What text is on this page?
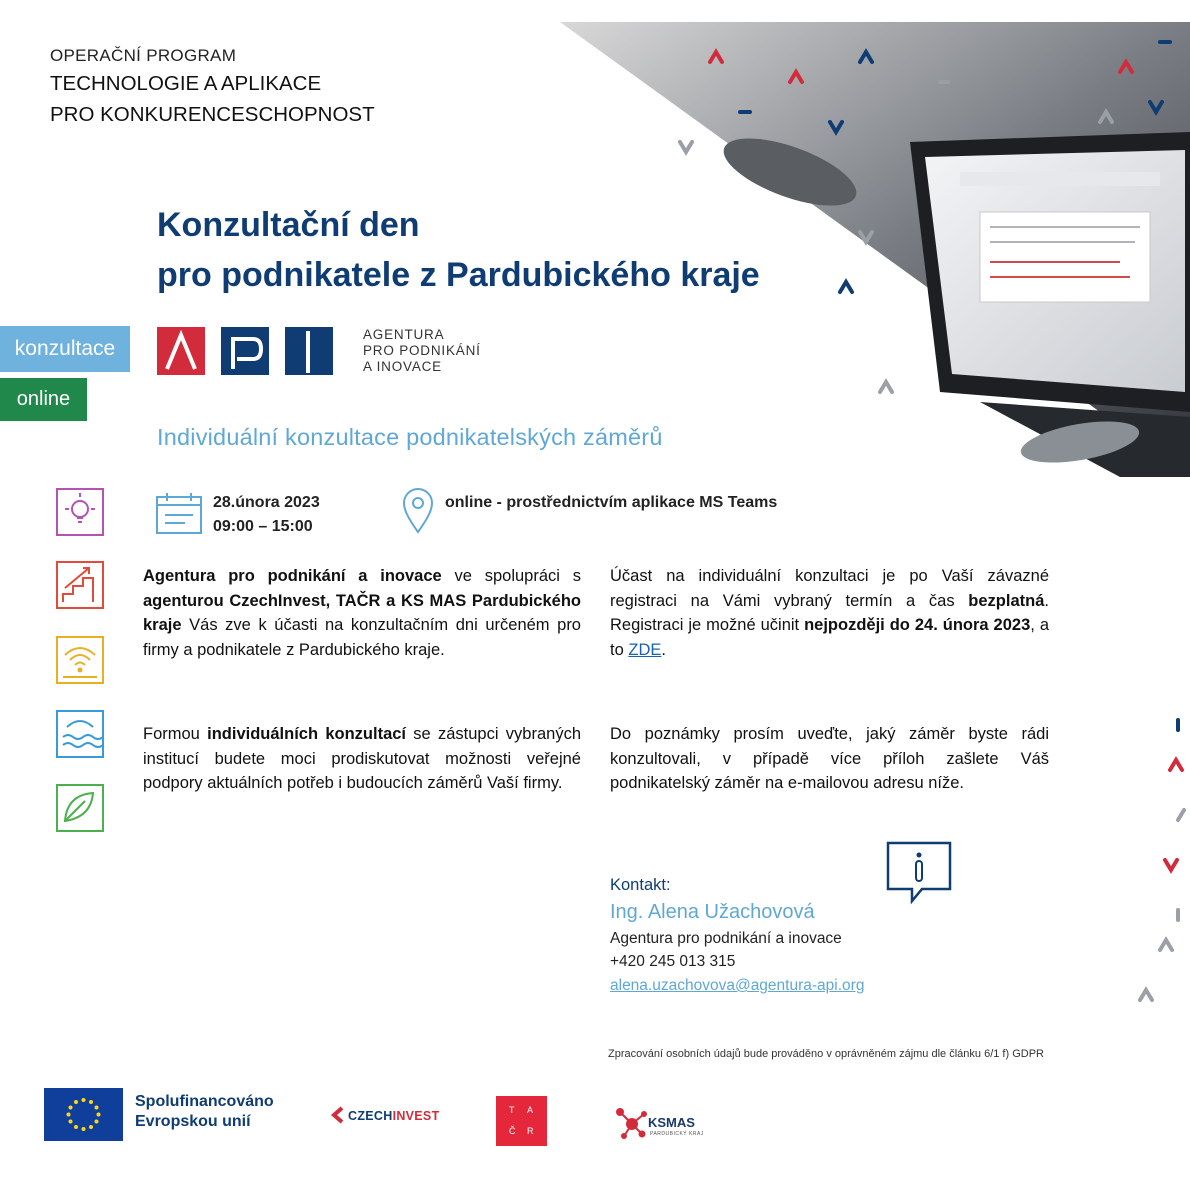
OPERAČNÍ PROGRAM
TECHNOLOGIE A APLIKACE
PRO KONKURENCESCHOPNOST
Konzultační den
pro podnikatele z Pardubického kraje
konzultace
online
AGENTURA
PRO PODNIKÁNÍ
A INOVACE
Individuální konzultace podnikatelských záměrů
28.února 2023
09:00 – 15:00
online - prostřednictvím aplikace MS Teams
Agentura pro podnikání a inovace ve spolupráci s agenturou CzechInvest, TAČR a KS MAS Pardubického kraje Vás zve k účasti na konzultačním dni určeném pro firmy a podnikatele z Pardubického kraje.
Formou individuálních konzultací se zástupci vybraných institucí budete moci prodiskutovat možnosti veřejné podpory aktuálních potřeb i budoucích záměrů Vaší firmy.
Účast na individuální konzultaci je po Vaší závazné registraci na Vámi vybraný termín a čas bezplatná. Registraci je možné učinit nejpozději do 24. února 2023, a to ZDE.
Do poznámky prosím uveďte, jaký záměr byste rádi konzultovali, v případě více příloh zašlete Váš podnikatelský záměr na e-mailovou adresu níže.
Kontakt:
Ing. Alena Užachovová
Agentura pro podnikání a inovace
+420 245 013 315
alena.uzachovova@agentura-api.org
Zpracování osobních údajů bude prováděno v oprávněném zájmu dle článku 6/1 f) GDPR
Spolufinancováno
Evropskou unií	CZECHINVEST	T A
Č R
KSMAS
PARDUBICKÝ KRAJ
